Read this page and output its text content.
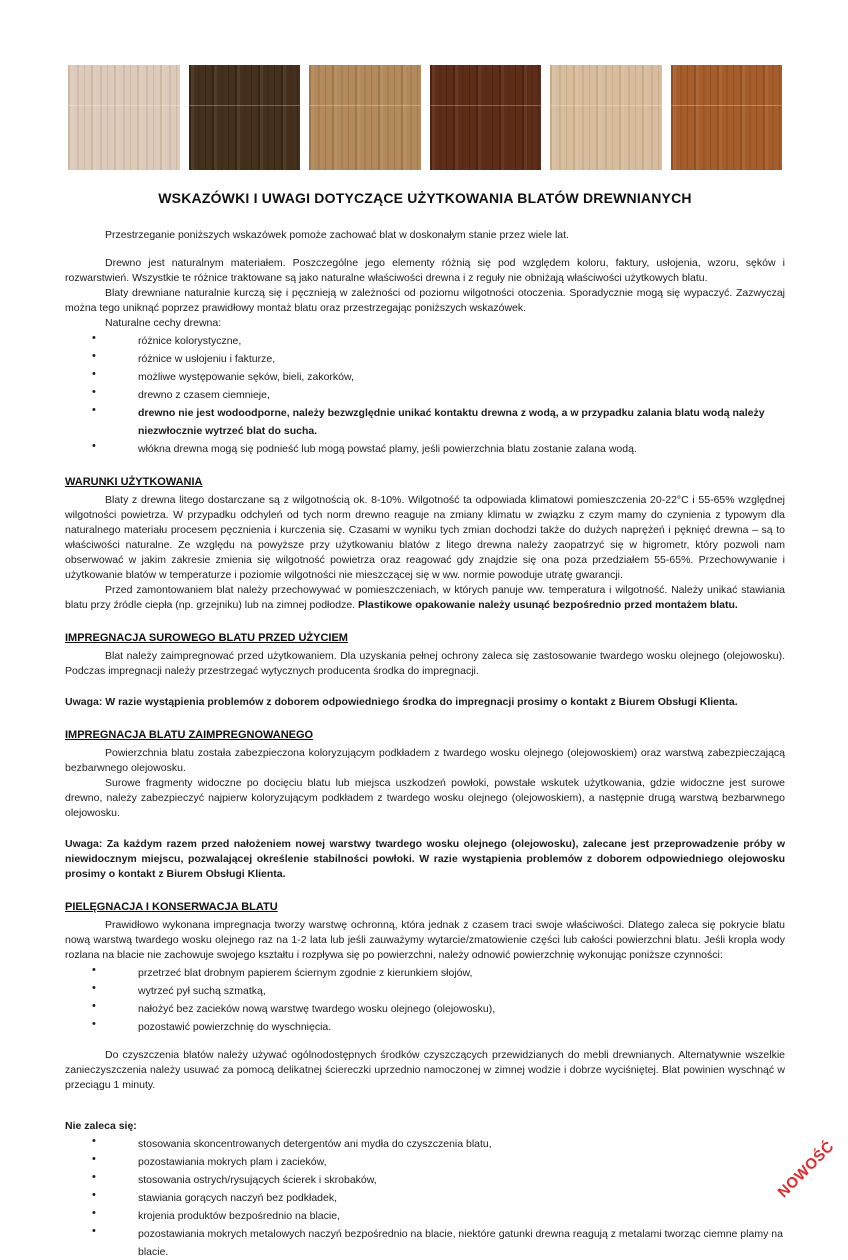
WSKAZÓWKI I UWAGI DOTYCZĄCE UŻYTKOWANIA BLATÓW DREWNIANYCH

Przestrzeganie poniższych wskazówek pomoże zachować blat w doskonałym stanie przez wiele lat.

Drewno jest naturalnym materiałem. Poszczególne jego elementy różnią się pod względem koloru, faktury, usłojenia, wzoru, sęków i rozwarstwień. Wszystkie te różnice traktowane są jako naturalne właściwości drewna i z reguły nie obniżają właściwości użytkowych blatu.

Blaty drewniane naturalnie kurczą się i pęcznieją w zależności od poziomu wilgotności otoczenia. Sporadycznie mogą się wypaczyć. Zazwyczaj można tego uniknąć poprzez prawidłowy montaż blatu oraz przestrzegając poniższych wskazówek.

Naturalne cechy drewna:

• różnice kolorystyczne,
• różnice w usłojeniu i fakturze,
• możliwe występowanie sęków, bieli, zakorków,
• drewno z czasem ciemnieje,
• drewno nie jest wodoodporne, należy bezwzględnie unikać kontaktu drewna z wodą, a w przypadku zalania blatu wodą należy niezwłocznie wytrzeć blat do sucha.
• włókna drewna mogą się podnieść lub mogą powstać plamy, jeśli powierzchnia blatu zostanie zalana wodą.
WARUNKI UŻYTKOWANIA

Blaty z drewna litego dostarczane są z wilgotnością ok. 8-10%. Wilgotność ta odpowiada klimatowi pomieszczenia 20-22°C i 55-65% względnej wilgotności powietrza. W przypadku odchyleń od tych norm drewno reaguje na zmiany klimatu w związku z czym mamy do czynienia z typowym dla naturalnego materiału procesem pęcznienia i kurczenia się. Czasami w wyniku tych zmian dochodzi także do dużych naprężeń i pęknięć drewna – są to właściwości naturalne. Ze względu na powyższe przy użytkowaniu blatów z litego drewna należy zaopatrzyć się w higrometr, który pozwoli nam obserwować w jakim zakresie zmienia się wilgotność powietrza oraz reagować gdy znajdzie się ona poza przedziałem 55-65%. Przechowywanie i użytkowanie blatów w temperaturze i poziomie wilgotności nie mieszczącej się w ww. normie powoduje utratę gwarancji.

Przed zamontowaniem blat należy przechowywać w pomieszczeniach, w których panuje ww. temperatura i wilgotność. Należy unikać stawiania blatu przy źródle ciepła (np. grzejniku) lub na zimnej podłodze. Plastikowe opakowanie należy usunąć bezpośrednio przed montażem blatu.

IMPREGNACJA SUROWEGO BLATU PRZED UŻYCIEM

Blat należy zaimpregnować przed użytkowaniem. Dla uzyskania pełnej ochrony zaleca się zastosowanie twardego wosku olejnego (olejowosku). Podczas impregnacji należy przestrzegać wytycznych producenta środka do impregnacji.

Uwaga: W razie wystąpienia problemów z doborem odpowiedniego środka do impregnacji prosimy o kontakt z Biurem Obsługi Klienta.

IMPREGNACJA BLATU ZAIMPREGNOWANEGO

Powierzchnia blatu została zabezpieczona koloryzującym podkładem z twardego wosku olejnego (olejowoskiem) oraz warstwą zabezpieczającą bezbarwnego olejowosku.

Surowe fragmenty widoczne po docięciu blatu lub miejsca uszkodzeń powłoki, powstałe wskutek użytkowania, gdzie widoczne jest surowe drewno, należy zabezpieczyć najpierw koloryzującym podkładem z twardego wosku olejnego (olejowoskiem), a następnie drugą warstwą bezbarwnego olejowosku.

Uwaga: Za każdym razem przed nałożeniem nowej warstwy twardego wosku olejnego (olejowosku), zalecane jest przeprowadzenie próby w niewidocznym miejscu, pozwalającej określenie stabilności powłoki. W razie wystąpienia problemów z doborem odpowiedniego olejowosku prosimy o kontakt z Biurem Obsługi Klienta.

PIELĘGNACJA I KONSERWACJA BLATU

Prawidłowo wykonana impregnacja tworzy warstwę ochronną, która jednak z czasem traci swoje właściwości. Dlatego zaleca się pokrycie blatu nową warstwą twardego wosku olejnego raz na 1-2 lata lub jeśli zauważymy wytarcie/zmatowienie części lub całości powierzchni blatu. Jeśli kropla wody rozlana na blacie nie zachowuje swojego kształtu i rozpływa się po powierzchni, należy odnowić powierzchnię wykonując poniższe czynności:

• przetrzeć blat drobnym papierem ściernym zgodnie z kierunkiem słojów,
• wytrzeć pył suchą szmatką,
• nałożyć bez zacieków nową warstwę twardego wosku olejnego (olejowosku),
• pozostawić powierzchnię do wyschnięcia.

Do czyszczenia blatów należy używać ogólnodostępnych środków czyszczących przewidzianych do mebli drewnianych. Alternatywnie wszelkie zanieczyszczenia należy usuwać za pomocą delikatnej ściereczki uprzednio namoczonej w zimnej wodzie i dobrze wyciśniętej. Blat powinien wyschnąć w przeciągu 1 minuty.

Nie zaleca się:

• stosowania skoncentrowanych detergentów ani mydła do czyszczenia blatu,
• pozostawiania mokrych plam i zacieków,
• stosowania ostrych/rysujących ścierek i skrobaków,
• stawiania gorących naczyń bez podkładek,
• krojenia produktów bezpośrednio na blacie,
• pozostawiania mokrych metalowych naczyń bezpośrednio na blacie, niektóre gatunki drewna reagują z metalami tworząc ciemne plamy na blacie.
NOWOŚĆ
